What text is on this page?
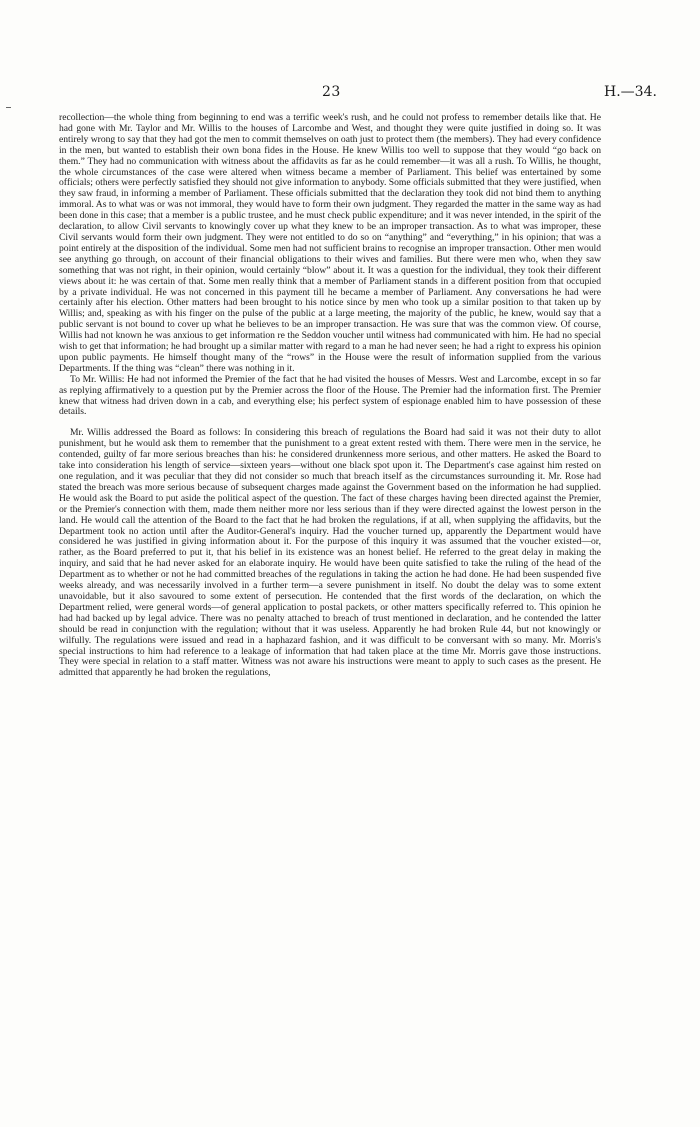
23	H.—34.

recollection—the whole thing from beginning to end was a terrific week's rush, and he could not profess to remember details like that. He had gone with Mr. Taylor and Mr. Willis to the houses of Larcombe and West, and thought they were quite justified in doing so. It was entirely wrong to say that they had got the men to commit themselves on oath just to protect them (the members). They had every confidence in the men, but wanted to establish their own bona fides in the House. He knew Willis too well to suppose that they would “go back on them.” They had no communication with witness about the affidavits as far as he could remember—it was all a rush. To Willis, he thought, the whole circumstances of the case were altered when witness became a member of Parliament. This belief was entertained by some officials; others were perfectly satisfied they should not give information to anybody. Some officials submitted that they were justified, when they saw fraud, in informing a member of Parliament. These officials submitted that the declaration they took did not bind them to anything immoral. As to what was or was not immoral, they would have to form their own judgment. They regarded the matter in the same way as had been done in this case; that a member is a public trustee, and he must check public expenditure; and it was never intended, in the spirit of the declaration, to allow Civil servants to knowingly cover up what they knew to be an improper transaction. As to what was improper, these Civil servants would form their own judgment. They were not entitled to do so on “anything” and “everything,” in his opinion; that was a point entirely at the disposition of the individual. Some men had not sufficient brains to recognise an improper transaction. Other men would see anything go through, on account of their financial obligations to their wives and families. But there were men who, when they saw something that was not right, in their opinion, would certainly “blow” about it. It was a question for the individual, they took their different views about it: he was certain of that. Some men really think that a member of Parliament stands in a different position from that occupied by a private individual. He was not concerned in this payment till he became a member of Parliament. Any conversations he had were certainly after his election. Other matters had been brought to his notice since by men who took up a similar position to that taken up by Willis; and, speaking as with his finger on the pulse of the public at a large meeting, the majority of the public, he knew, would say that a public servant is not bound to cover up what he believes to be an improper transaction. He was sure that was the common view. Of course, Willis had not known he was anxious to get information re the Seddon voucher until witness had communicated with him. He had no special wish to get that information; he had brought up a similar matter with regard to a man he had never seen; he had a right to express his opinion upon public payments. He himself thought many of the “rows” in the House were the result of information supplied from the various Departments. If the thing was “clean” there was nothing in it.

To Mr. Willis: He had not informed the Premier of the fact that he had visited the houses of Messrs. West and Larcombe, except in so far as replying affirmatively to a question put by the Premier across the floor of the House. The Premier had the information first. The Premier knew that witness had driven down in a cab, and everything else; his perfect system of espionage enabled him to have possession of these details.

Mr. Willis addressed the Board as follows: In considering this breach of regulations the Board had said it was not their duty to allot punishment, but he would ask them to remember that the punishment to a great extent rested with them. There were men in the service, he contended, guilty of far more serious breaches than his: he considered drunkenness more serious, and other matters. He asked the Board to take into consideration his length of service—sixteen years—without one black spot upon it. The Department's case against him rested on one regulation, and it was peculiar that they did not consider so much that breach itself as the circumstances surrounding it. Mr. Rose had stated the breach was more serious because of subsequent charges made against the Government based on the information he had supplied. He would ask the Board to put aside the political aspect of the question. The fact of these charges having been directed against the Premier, or the Premier's connection with them, made them neither more nor less serious than if they were directed against the lowest person in the land. He would call the attention of the Board to the fact that he had broken the regulations, if at all, when supplying the affidavits, but the Department took no action until after the Auditor-General's inquiry. Had the voucher turned up, apparently the Department would have considered he was justified in giving information about it. For the purpose of this inquiry it was assumed that the voucher existed—or, rather, as the Board preferred to put it, that his belief in its existence was an honest belief. He referred to the great delay in making the inquiry, and said that he had never asked for an elaborate inquiry. He would have been quite satisfied to take the ruling of the head of the Department as to whether or not he had committed breaches of the regulations in taking the action he had done. He had been suspended five weeks already, and was necessarily involved in a further term—a severe punishment in itself. No doubt the delay was to some extent unavoidable, but it also savoured to some extent of persecution. He contended that the first words of the declaration, on which the Department relied, were general words—of general application to postal packets, or other matters specifically referred to. This opinion he had had backed up by legal advice. There was no penalty attached to breach of trust mentioned in declaration, and he contended the latter should be read in conjunction with the regulation; without that it was useless. Apparently he had broken Rule 44, but not knowingly or wilfully. The regulations were issued and read in a haphazard fashion, and it was difficult to be conversant with so many. Mr. Morris's special instructions to him had reference to a leakage of information that had taken place at the time Mr. Morris gave those instructions. They were special in relation to a staff matter. Witness was not aware his instructions were meant to apply to such cases as the present. He admitted that apparently he had broken the regulations,
